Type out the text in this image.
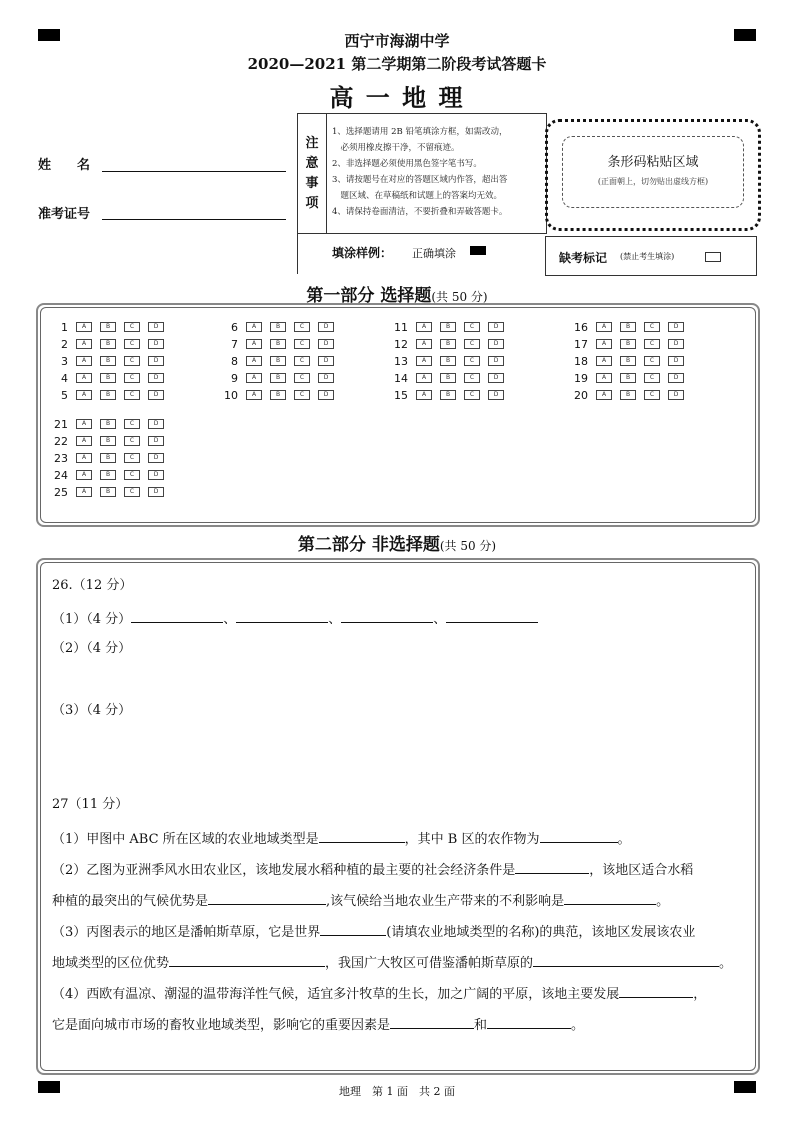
西宁市海湖中学
2020—2021 第二学期第二阶段考试答题卡
高 一 地 理
姓　　名
准考证号
注
意
事
项
1、选择题请用 2B 铅笔填涂方框，如需改动，
　必须用橡皮擦干净，不留痕迹。
2、非选择题必须使用黑色签字笔书写。
3、请按题号在对应的答题区域内作答，超出答
　题区域、在草稿纸和试题上的答案均无效。
4、请保持卷面清洁，不要折叠和弄破答题卡。
填涂样例： 正确填涂
条形码粘贴区域
(正面朝上，切勿贴出虚线方框)
缺考标记 (禁止考生填涂)
第一部分 选择题(共 50 分)
1	A	B	C	D
2	A	B	C	D
3	A	B	C	D
4	A	B	C	D
5	A	B	C	D
6	A	B	C	D
7	A	B	C	D
8	A	B	C	D
9	A	B	C	D
10	A	B	C	D
11	A	B	C	D
12	A	B	C	D
13	A	B	C	D
14	A	B	C	D
15	A	B	C	D
16	A	B	C	D
17	A	B	C	D
18	A	B	C	D
19	A	B	C	D
20	A	B	C	D
21	A	B	C	D
22	A	B	C	D
23	A	B	C	D
24	A	B	C	D
25	A	B	C	D
第二部分 非选择题(共 50 分)
26.（12 分）
（1）（4 分）	、	、	、
（2）（4 分）
（3）（4 分）
27（11 分）
（1）甲图中 ABC 所在区域的农业地域类型是	，其中 B 区的农作物为	。
（2）乙图为亚洲季风水田农业区，该地发展水稻种植的最主要的社会经济条件是	，该地区适合水稻
种植的最突出的气候优势是	,该气候给当地农业生产带来的不利影响是	。
（3）丙图表示的地区是潘帕斯草原，它是世界	(请填农业地域类型的名称)的典范，该地区发展该农业
地域类型的区位优势	，我国广大牧区可借鉴潘帕斯草原的	。
（4）西欧有温凉、潮湿的温带海洋性气候，适宜多汁牧草的生长，加之广阔的平原，该地主要发展	，
它是面向城市市场的畜牧业地域类型，影响它的重要因素是	和	。
地理　第 1 面　共 2 面
